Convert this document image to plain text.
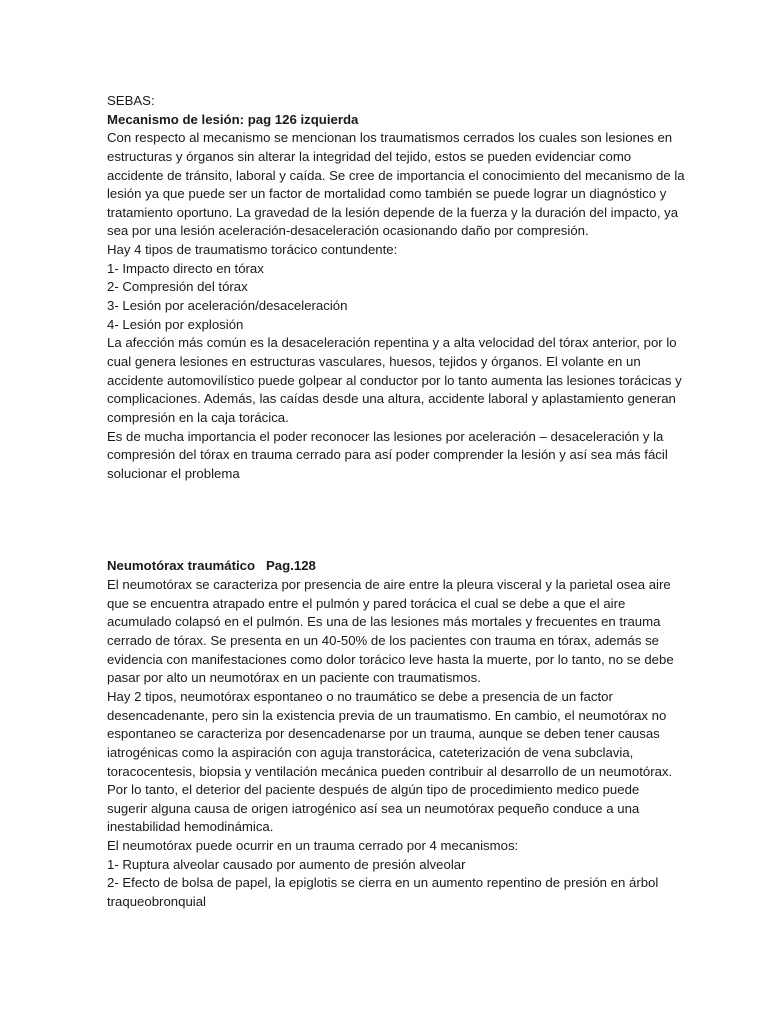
SEBAS:
Mecanismo de lesión: pag 126 izquierda
Con respecto al mecanismo se mencionan los traumatismos cerrados los cuales son lesiones en
estructuras y órganos sin alterar la integridad del tejido, estos se pueden evidenciar como
accidente de tránsito, laboral y caída. Se cree de importancia el conocimiento del mecanismo de la
lesión ya que puede ser un factor de mortalidad como también se puede lograr un diagnóstico y
tratamiento oportuno. La gravedad de la lesión depende de la fuerza y la duración del impacto, ya
sea por una lesión aceleración-desaceleración ocasionando daño por compresión.
Hay 4 tipos de traumatismo torácico contundente:
1- Impacto directo en tórax
2- Compresión del tórax
3- Lesión por aceleración/desaceleración
4- Lesión por explosión
La afección más común es la desaceleración repentina y a alta velocidad del tórax anterior, por lo
cual genera lesiones en estructuras vasculares, huesos, tejidos y órganos. El volante en un
accidente automovilístico puede golpear al conductor por lo tanto aumenta las lesiones torácicas y
complicaciones. Además, las caídas desde una altura, accidente laboral y aplastamiento generan
compresión en la caja torácica.
Es de mucha importancia el poder reconocer las lesiones por aceleración – desaceleración y la
compresión del tórax en trauma cerrado para así poder comprender la lesión y así sea más fácil
solucionar el problema
Neumotórax traumático   Pag.128
El neumotórax se caracteriza por presencia de aire entre la pleura visceral y la parietal osea aire
que se encuentra atrapado entre el pulmón y pared torácica el cual se debe a que el aire
acumulado colapsó en el pulmón. Es una de las lesiones más mortales y frecuentes en trauma
cerrado de tórax. Se presenta en un 40-50% de los pacientes con trauma en tórax, además se
evidencia con manifestaciones como dolor torácico leve hasta la muerte, por lo tanto, no se debe
pasar por alto un neumotórax en un paciente con traumatismos.
Hay 2 tipos, neumotórax espontaneo o no traumático se debe a presencia de un factor
desencadenante, pero sin la existencia previa de un traumatismo. En cambio, el neumotórax no
espontaneo se caracteriza por desencadenarse por un trauma, aunque se deben tener causas
iatrogénicas como la aspiración con aguja transtorácica, cateterización de vena subclavia,
toracocentesis, biopsia y ventilación mecánica pueden contribuir al desarrollo de un neumotórax.
Por lo tanto, el deterior del paciente después de algún tipo de procedimiento medico puede
sugerir alguna causa de origen iatrogénico así sea un neumotórax pequeño conduce a una
inestabilidad hemodinámica.
El neumotórax puede ocurrir en un trauma cerrado por 4 mecanismos:
1- Ruptura alveolar causado por aumento de presión alveolar
2- Efecto de bolsa de papel, la epiglotis se cierra en un aumento repentino de presión en árbol
traqueobronquial
